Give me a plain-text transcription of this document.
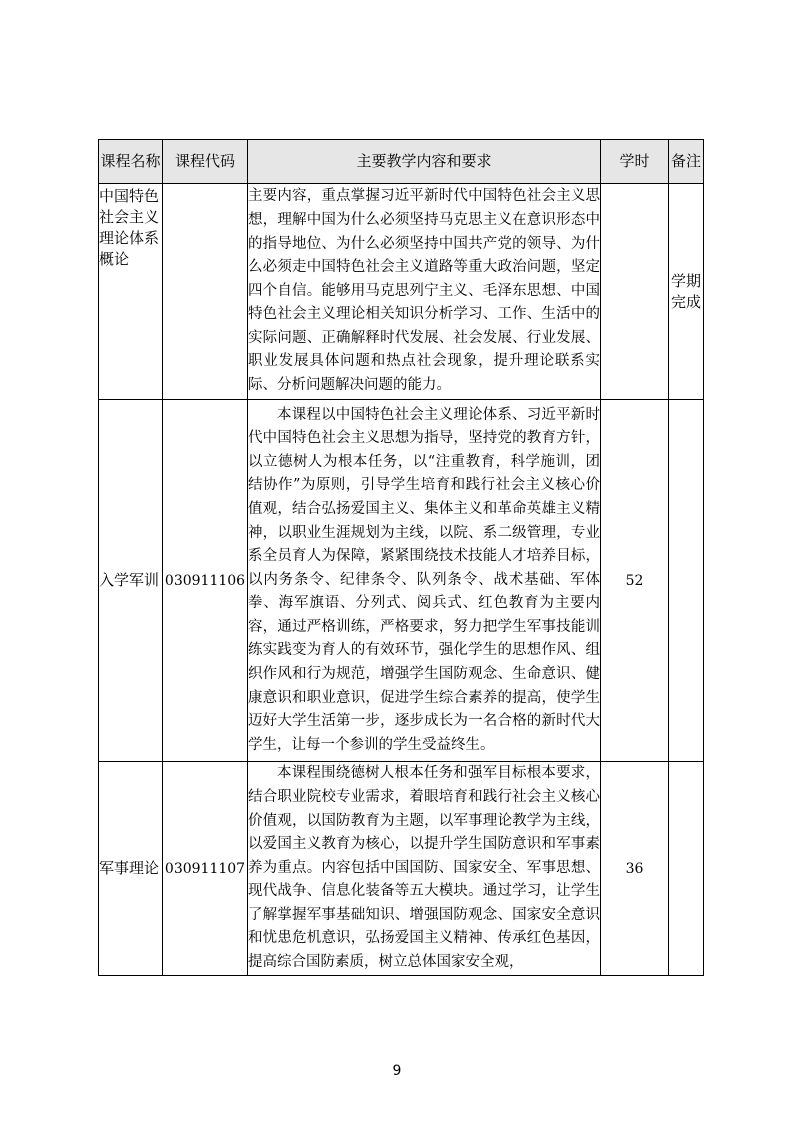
课程名称	课程代码	主要教学内容和要求	学时	备注
中国特色社会主义理论体系概论		主要内容，重点掌握习近平新时代中国特色社会主义思想，理解中国为什么必须坚持马克思主义在意识形态中的指导地位、为什么必须坚持中国共产党的领导、为什么必须走中国特色社会主义道路等重大政治问题，坚定四个自信。能够用马克思列宁主义、毛泽东思想、中国特色社会主义理论相关知识分析学习、工作、生活中的实际问题、正确解释时代发展、社会发展、行业发展、职业发展具体问题和热点社会现象，提升理论联系实际、分析问题解决问题的能力。		学期完成
入学军训	030911106	本课程以中国特色社会主义理论体系、习近平新时代中国特色社会主义思想为指导，坚持党的教育方针，以立德树人为根本任务，以“注重教育，科学施训，团结协作”为原则，引导学生培育和践行社会主义核心价值观，结合弘扬爱国主义、集体主义和革命英雄主义精神，以职业生涯规划为主线，以院、系二级管理，专业系全员育人为保障，紧紧围绕技术技能人才培养目标，以内务条令、纪律条令、队列条令、战术基础、军体拳、海军旗语、分列式、阅兵式、红色教育为主要内容，通过严格训练，严格要求，努力把学生军事技能训练实践变为育人的有效环节，强化学生的思想作风、组织作风和行为规范，增强学生国防观念、生命意识、健康意识和职业意识，促进学生综合素养的提高，使学生迈好大学生活第一步，逐步成长为一名合格的新时代大学生，让每一个参训的学生受益终生。	52	
军事理论	030911107	本课程围绕德树人根本任务和强军目标根本要求，结合职业院校专业需求，着眼培育和践行社会主义核心价值观，以国防教育为主题，以军事理论教学为主线，以爱国主义教育为核心，以提升学生国防意识和军事素养为重点。内容包括中国国防、国家安全、军事思想、现代战争、信息化装备等五大模块。通过学习，让学生了解掌握军事基础知识、增强国防观念、国家安全意识和忧患危机意识，弘扬爱国主义精神、传承红色基因，提高综合国防素质，树立总体国家安全观，	36	
9
